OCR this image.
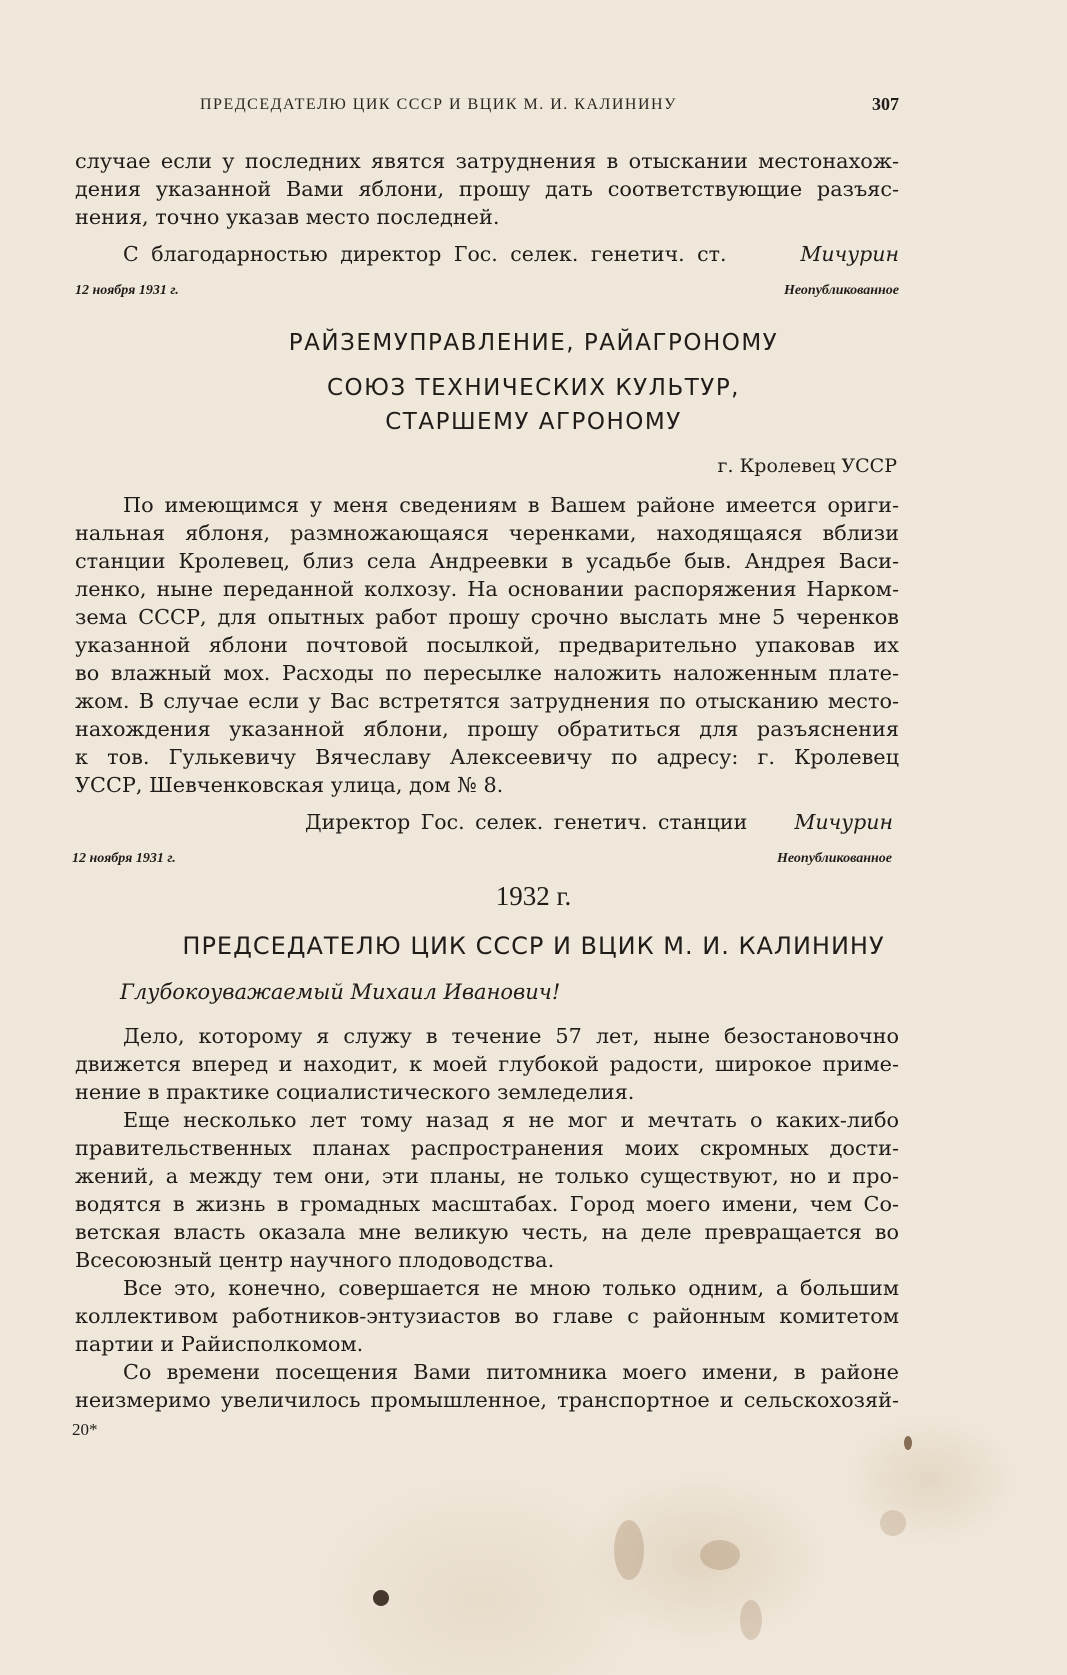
ПРЕДСЕДАТЕЛЮ ЦИК СССР И ВЦИК М. И. КАЛИНИНУ	307
случае если у последних явятся затруднения в отыскании местонахож-
дения указанной Вами яблони, прошу дать соответствующие разъяс-
нения, точно указав место последней.
С благодарностью директор Гос. селек. генетич. ст.	Мичурин
12 ноября 1931 г.	Неопубликованное
РАЙЗЕМУПРАВЛЕНИЕ, РАЙАГРОНОМУ
СОЮЗ ТЕХНИЧЕСКИХ КУЛЬТУР,
СТАРШЕМУ АГРОНОМУ
г. Кролевец УССР
По имеющимся у меня сведениям в Вашем районе имеется ориги-
нальная яблоня, размножающаяся черенками, находящаяся вблизи
станции Кролевец, близ села Андреевки в усадьбе быв. Андрея Васи-
ленко, ныне переданной колхозу. На основании распоряжения Нарком-
зема СССР, для опытных работ прошу срочно выслать мне 5 черенков
указанной яблони почтовой посылкой, предварительно упаковав их
во влажный мох. Расходы по пересылке наложить наложенным плате-
жом. В случае если у Вас встретятся затруднения по отысканию место-
нахождения указанной яблони, прошу обратиться для разъяснения
к тов. Гулькевичу Вячеславу Алексеевичу по адресу: г. Кролевец
УССР, Шевченковская улица, дом № 8.
Директор Гос. селек. генетич. станции Мичурин
12 ноября 1931 г.	Неопубликованное
1932 г.
ПРЕДСЕДАТЕЛЮ ЦИК СССР И ВЦИК М. И. КАЛИНИНУ
Глубокоуважаемый Михаил Иванович!
Дело, которому я служу в течение 57 лет, ныне безостановочно
движется вперед и находит, к моей глубокой радости, широкое приме-
нение в практике социалистического земледелия.
Еще несколько лет тому назад я не мог и мечтать о каких-либо
правительственных планах распространения моих скромных дости-
жений, а между тем они, эти планы, не только существуют, но и про-
водятся в жизнь в громадных масштабах. Город моего имени, чем Со-
ветская власть оказала мне великую честь, на деле превращается во
Всесоюзный центр научного плодоводства.
Все это, конечно, совершается не мною только одним, а большим
коллективом работников-энтузиастов во главе с районным комитетом
партии и Райисполкомом.
Со времени посещения Вами питомника моего имени, в районе
неизмеримо увеличилось промышленное, транспортное и сельскохозяй-
20*
